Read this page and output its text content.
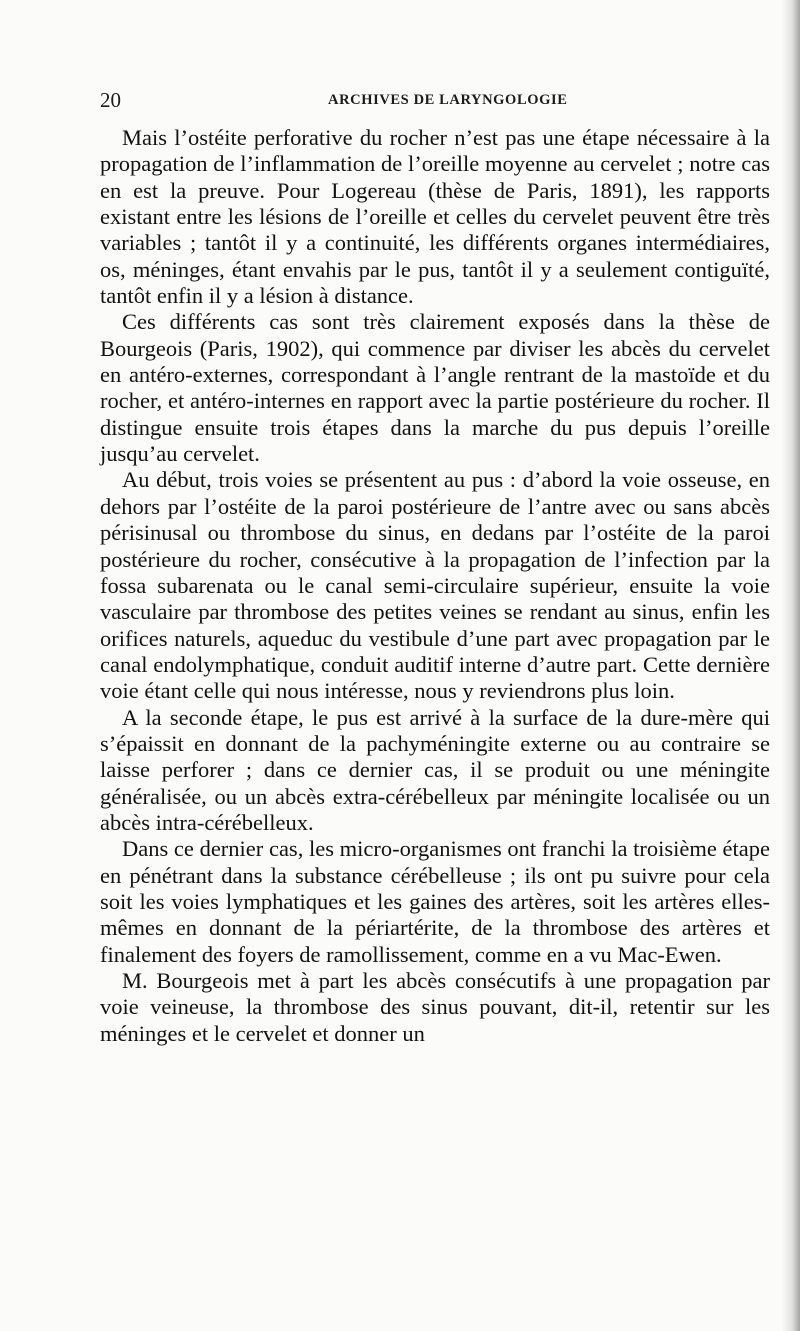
20	ARCHIVES DE LARYNGOLOGIE

Mais l’ostéite perforative du rocher n’est pas une étape nécessaire à la propagation de l’inflammation de l’oreille moyenne au cervelet ; notre cas en est la preuve. Pour Logereau (thèse de Paris, 1891), les rapports existant entre les lésions de l’oreille et celles du cervelet peuvent être très variables ; tantôt il y a continuité, les différents organes intermédiaires, os, méninges, étant envahis par le pus, tantôt il y a seulement contiguïté, tantôt enfin il y a lésion à distance.

Ces différents cas sont très clairement exposés dans la thèse de Bourgeois (Paris, 1902), qui commence par diviser les abcès du cervelet en antéro-externes, correspondant à l’angle rentrant de la mastoïde et du rocher, et antéro-internes en rapport avec la partie postérieure du rocher. Il distingue ensuite trois étapes dans la marche du pus depuis l’oreille jusqu’au cervelet.

Au début, trois voies se présentent au pus : d’abord la voie osseuse, en dehors par l’ostéite de la paroi postérieure de l’antre avec ou sans abcès périsinusal ou thrombose du sinus, en dedans par l’ostéite de la paroi postérieure du rocher, consécutive à la propagation de l’infection par la fossa subarenata ou le canal semi-circulaire supérieur, ensuite la voie vasculaire par thrombose des petites veines se rendant au sinus, enfin les orifices naturels, aqueduc du vestibule d’une part avec propagation par le canal endolymphatique, conduit auditif interne d’autre part. Cette dernière voie étant celle qui nous intéresse, nous y reviendrons plus loin.

A la seconde étape, le pus est arrivé à la surface de la dure-mère qui s’épaissit en donnant de la pachyméningite externe ou au contraire se laisse perforer ; dans ce dernier cas, il se produit ou une méningite généralisée, ou un abcès extra-cérébelleux par méningite localisée ou un abcès intra-cérébelleux.

Dans ce dernier cas, les micro-organismes ont franchi la troisième étape en pénétrant dans la substance cérébelleuse ; ils ont pu suivre pour cela soit les voies lymphatiques et les gaines des artères, soit les artères elles-mêmes en donnant de la périartérite, de la thrombose des artères et finalement des foyers de ramollissement, comme en a vu Mac-Ewen.

M. Bourgeois met à part les abcès consécutifs à une propagation par voie veineuse, la thrombose des sinus pouvant, dit-il, retentir sur les méninges et le cervelet et donner un
